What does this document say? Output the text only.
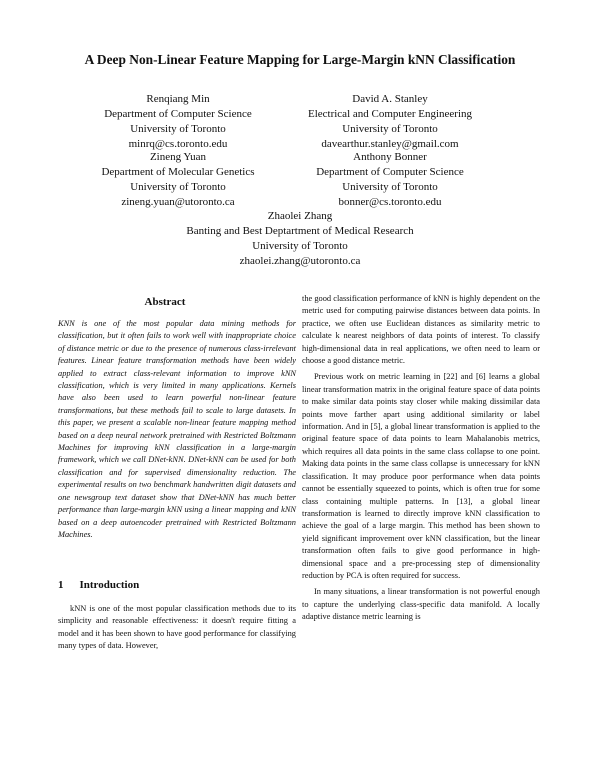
A Deep Non-Linear Feature Mapping for Large-Margin kNN Classification
Renqiang Min
Department of Computer Science
University of Toronto
minrq@cs.toronto.edu
David A. Stanley
Electrical and Computer Engineering
University of Toronto
davearthur.stanley@gmail.com
Zineng Yuan
Department of Molecular Genetics
University of Toronto
zineng.yuan@utoronto.ca
Anthony Bonner
Department of Computer Science
University of Toronto
bonner@cs.toronto.edu
Zhaolei Zhang
Banting and Best Deptartment of Medical Research
University of Toronto
zhaolei.zhang@utoronto.ca
Abstract

KNN is one of the most popular data mining methods for classification, but it often fails to work well with inappropriate choice of distance metric or due to the presence of numerous class-irrelevant features. Linear feature transformation methods have been widely applied to extract class-relevant information to improve kNN classification, which is very limited in many applications. Kernels have also been used to learn powerful non-linear feature transformations, but these methods fail to scale to large datasets. In this paper, we present a scalable non-linear feature mapping method based on a deep neural network pretrained with Restricted Boltzmann Machines for improving kNN classification in a large-margin framework, which we call DNet-kNN. DNet-kNN can be used for both classification and for supervised dimensionality reduction. The experimental results on two benchmark handwritten digit datasets and one newsgroup text dataset show that DNet-kNN has much better performance than large-margin kNN using a linear mapping and kNN based on a deep autoencoder pretrained with Restricted Boltzmann Machines.

1 Introduction

kNN is one of the most popular classification methods due to its simplicity and reasonable effectiveness: it doesn't require fitting a model and it has been shown to have good performance for classifying many types of data. However,

the good classification performance of kNN is highly dependent on the metric used for computing pairwise distances between data points. In practice, we often use Euclidean distances as similarity metric to calculate k nearest neighbors of data points of interest. To classify high-dimensional data in real applications, we often need to learn or choose a good distance metric.

Previous work on metric learning in [22] and [6] learns a global linear transformation matrix in the original feature space of data points to make similar data points stay closer while making dissimilar data points move farther apart using additional similarity or label information. And in [5], a global linear transformation is applied to the original feature space of data points to learn Mahalanobis metrics, which requires all data points in the same class collapse to one point. Making data points in the same class collapse is unnecessary for kNN classification. It may produce poor performance when data points cannot be essentially squeezed to points, which is often true for some class containing multiple patterns. In [13], a global linear transformation is learned to directly improve kNN classification to achieve the goal of a large margin. This method has been shown to yield significant improvement over kNN classification, but the linear transformation often fails to give good performance in high-dimensional space and a pre-processing step of dimensionality reduction by PCA is often required for success.

In many situations, a linear transformation is not powerful enough to capture the underlying class-specific data manifold. A locally adaptive distance metric learning is
